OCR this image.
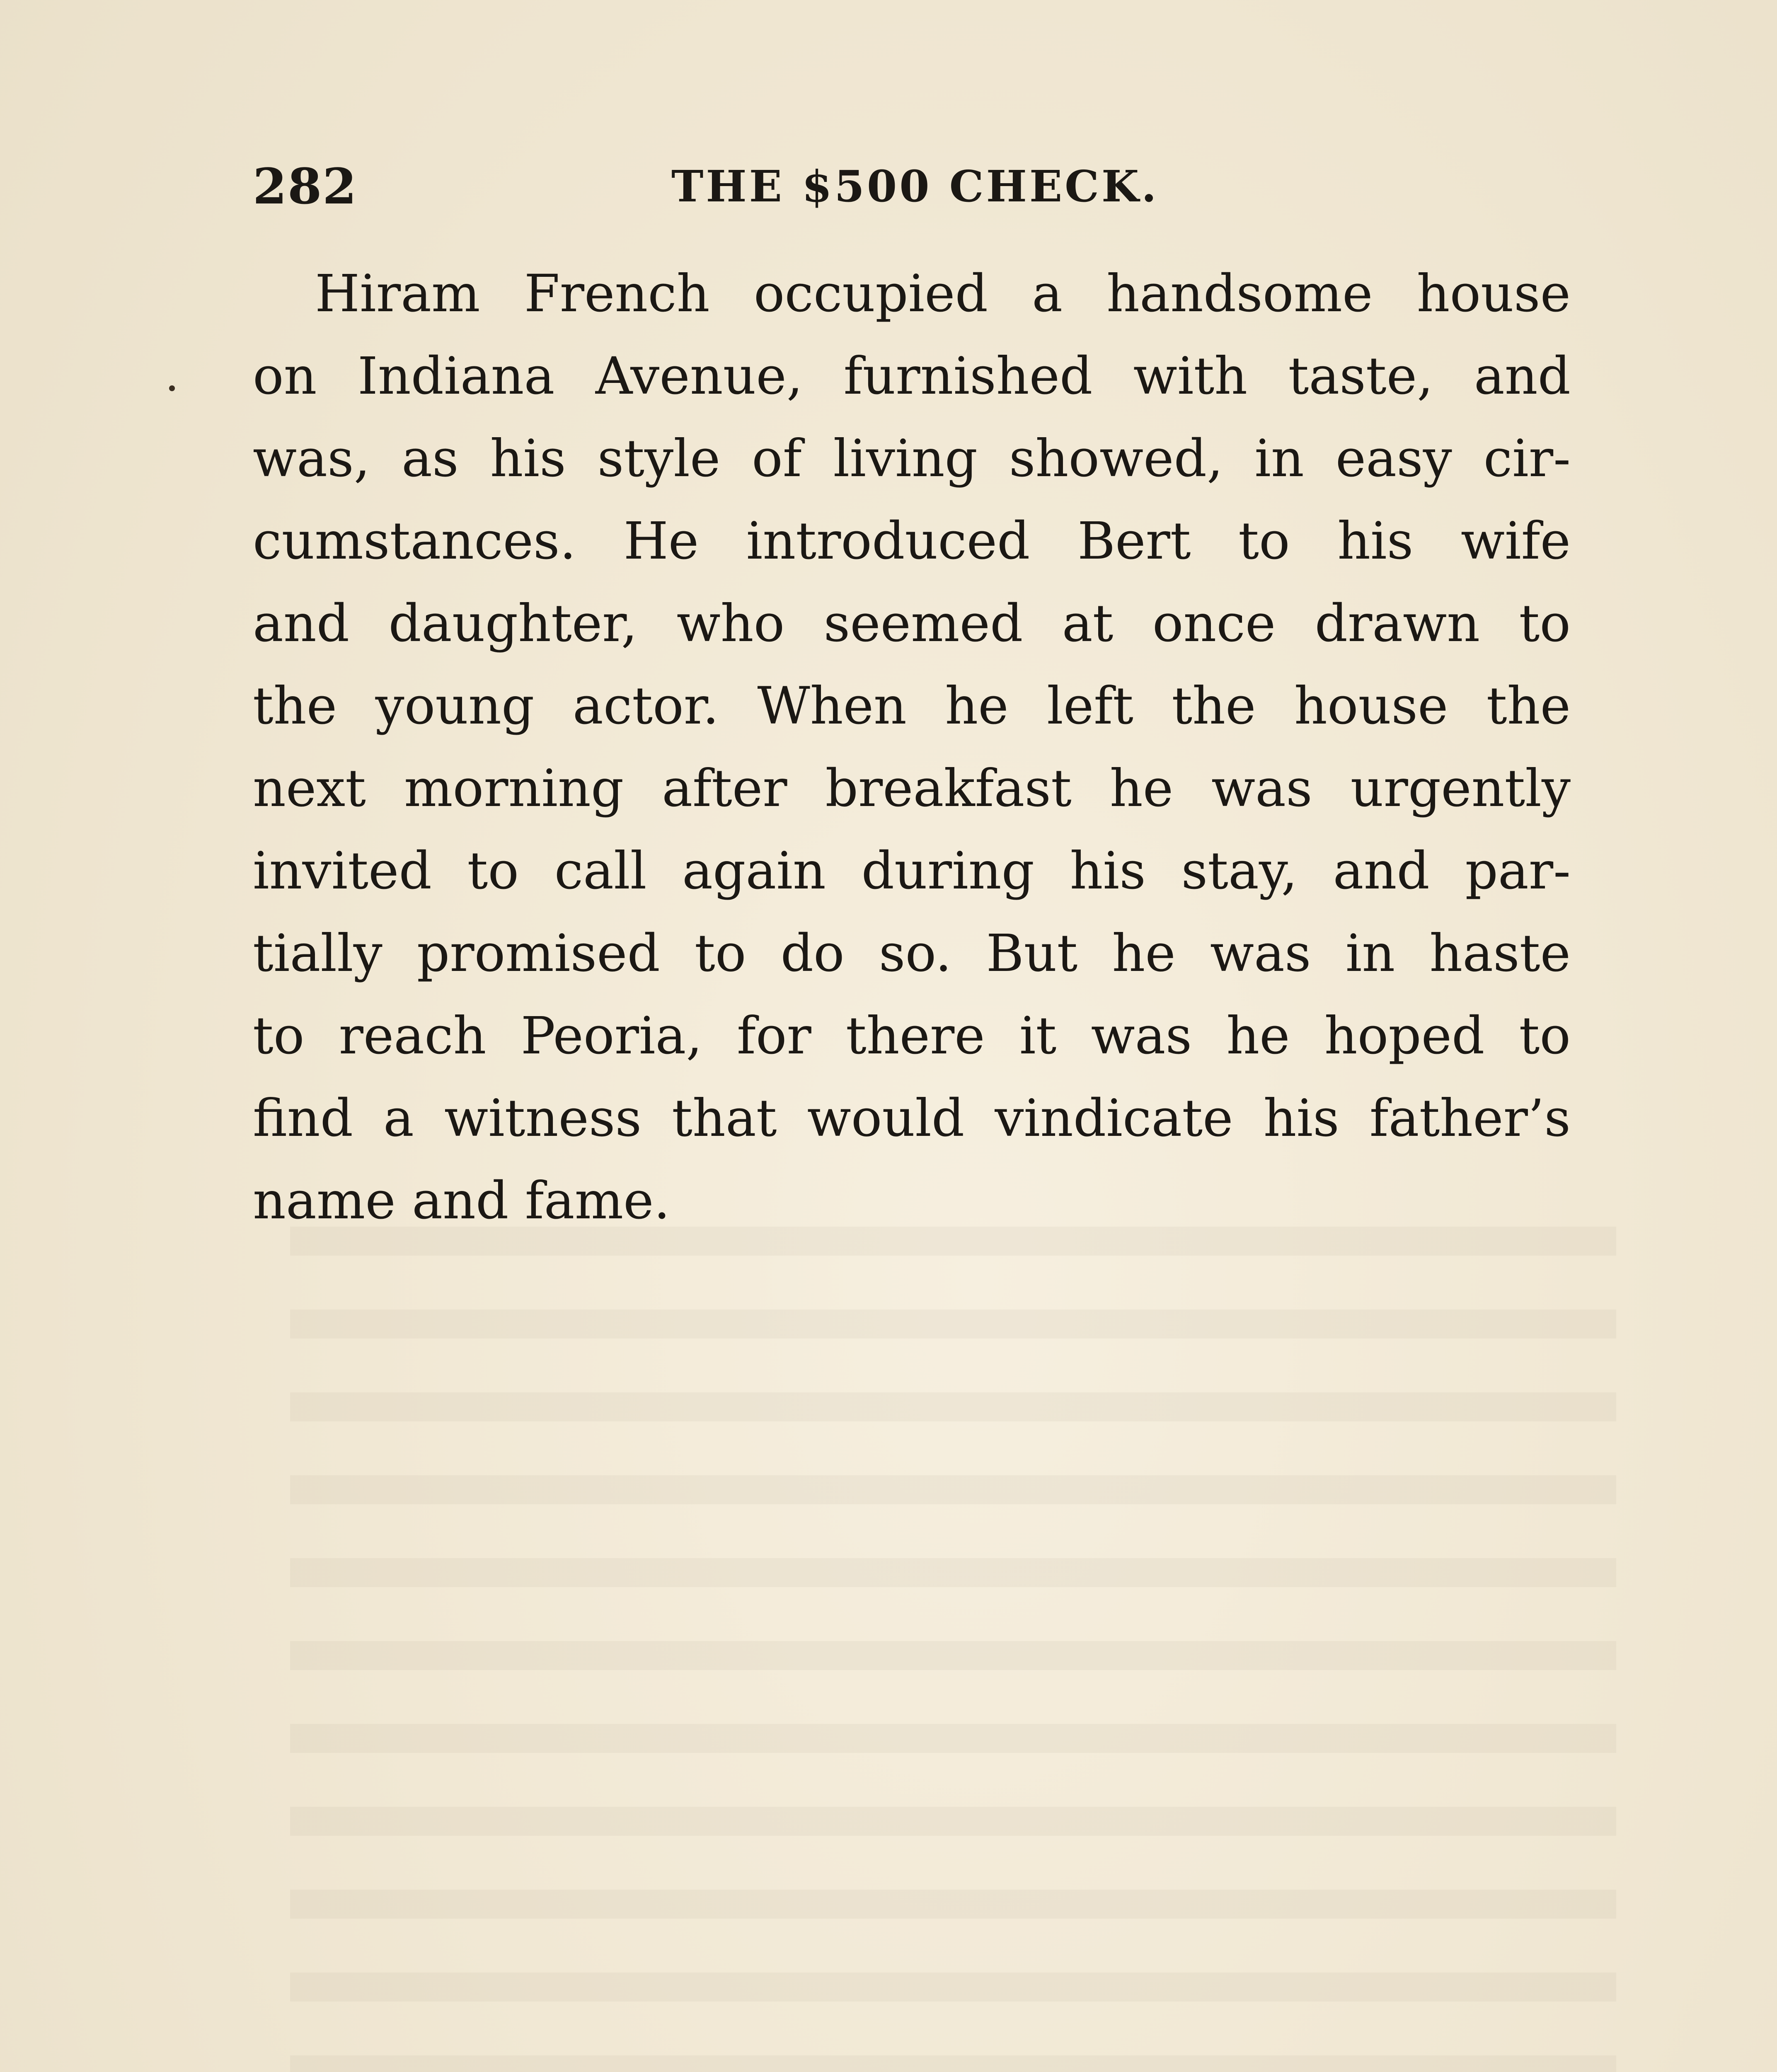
282	THE $500 CHECK.
Hiram French occupied a handsome house
on Indiana Avenue, furnished with taste, and
was, as his style of living showed, in easy cir-
cumstances. He introduced Bert to his wife
and daughter, who seemed at once drawn to
the young actor. When he left the house the
next morning after breakfast he was urgently
invited to call again during his stay, and par-
tially promised to do so. But he was in haste
to reach Peoria, for there it was he hoped to
find a witness that would vindicate his father’s
name and fame.
